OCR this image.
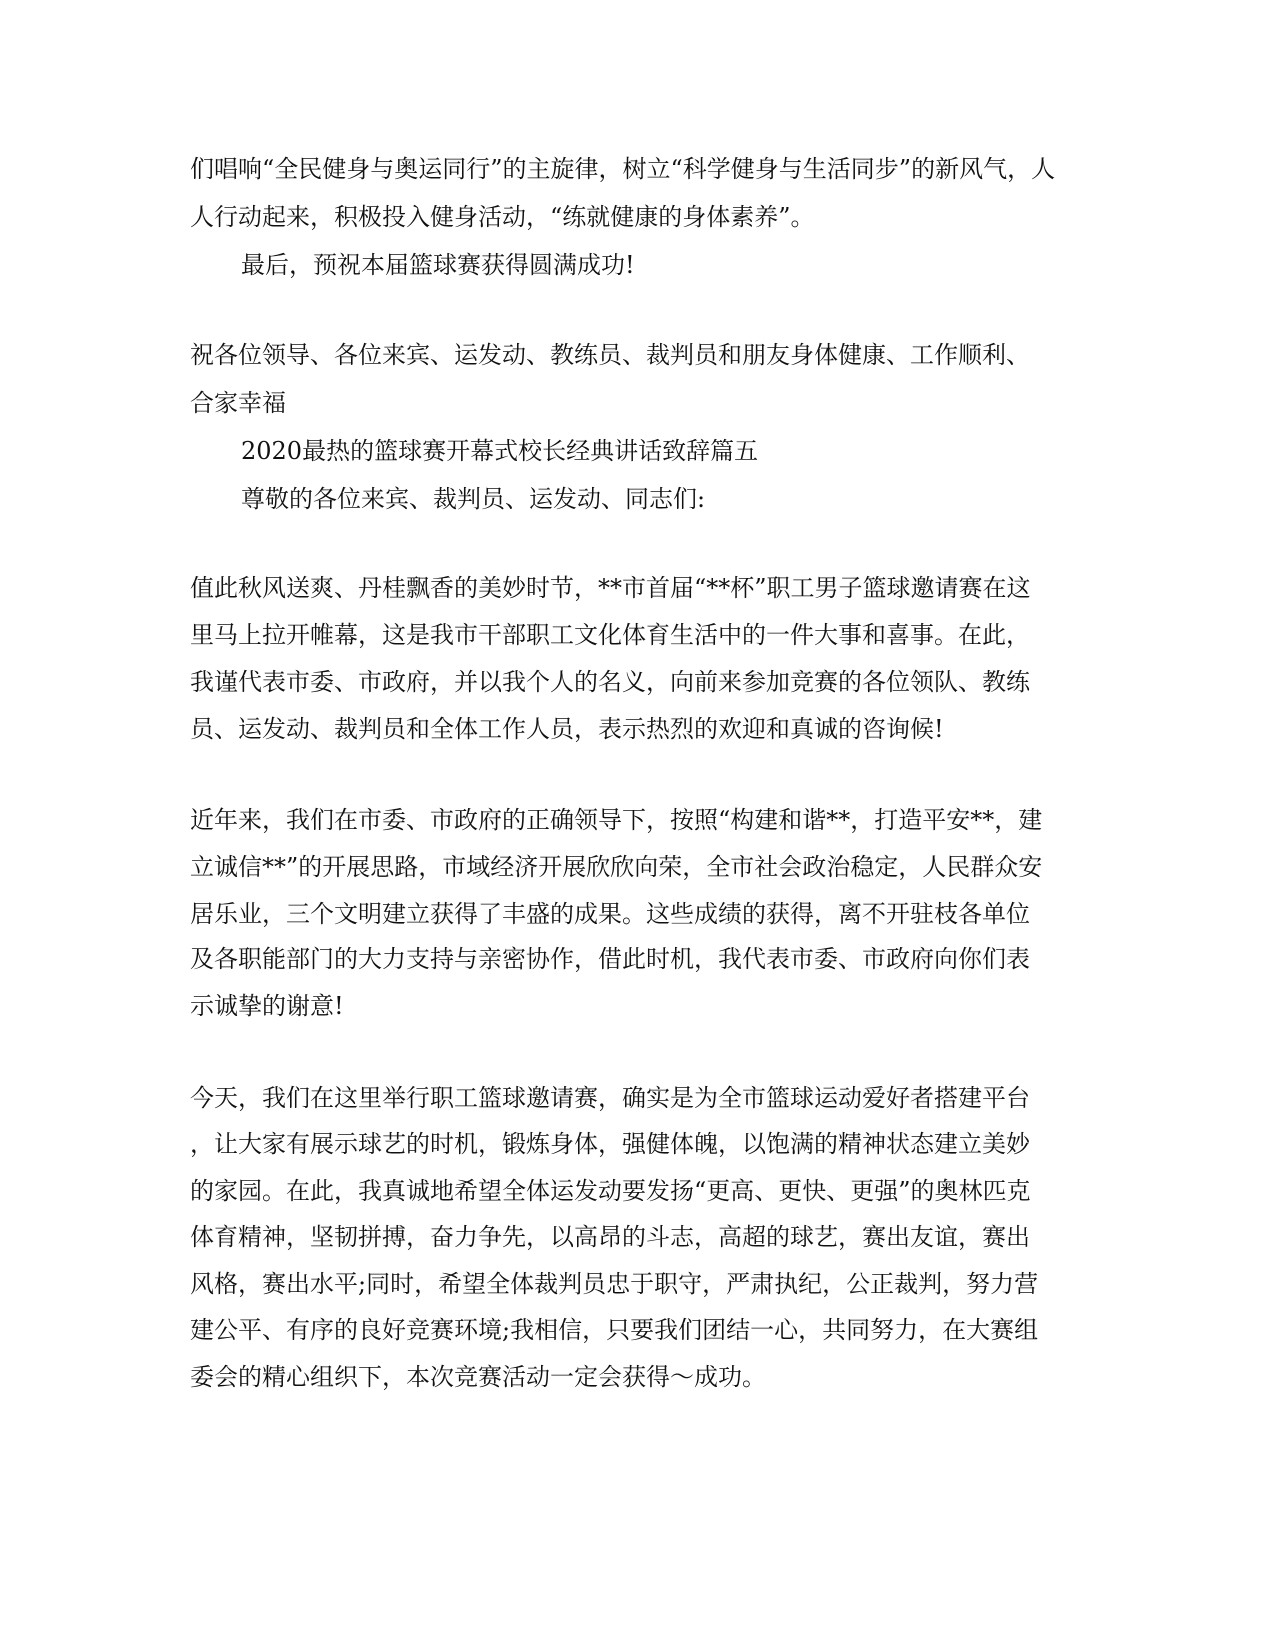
们唱响“全民健身与奥运同行”的主旋律，树立“科学健身与生活同步”的新风气，人
人行动起来，积极投入健身活动，“练就健康的身体素养”。
最后，预祝本届篮球赛获得圆满成功!
祝各位领导、各位来宾、运发动、教练员、裁判员和朋友身体健康、工作顺利、
合家幸福
2020最热的篮球赛开幕式校长经典讲话致辞篇五
尊敬的各位来宾、裁判员、运发动、同志们:
值此秋风送爽、丹桂飘香的美妙时节，**市首届“**杯”职工男子篮球邀请赛在这
里马上拉开帷幕，这是我市干部职工文化体育生活中的一件大事和喜事。在此，
我谨代表市委、市政府，并以我个人的名义，向前来参加竞赛的各位领队、教练
员、运发动、裁判员和全体工作人员，表示热烈的欢迎和真诚的咨询候!
近年来，我们在市委、市政府的正确领导下，按照“构建和谐**，打造平安**，建
立诚信**”的开展思路，市域经济开展欣欣向荣，全市社会政治稳定，人民群众安
居乐业，三个文明建立获得了丰盛的成果。这些成绩的获得，离不开驻枝各单位
及各职能部门的大力支持与亲密协作，借此时机，我代表市委、市政府向你们表
示诚挚的谢意!
今天，我们在这里举行职工篮球邀请赛，确实是为全市篮球运动爱好者搭建平台
，让大家有展示球艺的时机，锻炼身体，强健体魄，以饱满的精神状态建立美妙
的家园。在此，我真诚地希望全体运发动要发扬“更高、更快、更强”的奥林匹克
体育精神，坚韧拼搏，奋力争先，以高昂的斗志，高超的球艺，赛出友谊，赛出
风格，赛出水平;同时，希望全体裁判员忠于职守，严肃执纪，公正裁判，努力营
建公平、有序的良好竞赛环境;我相信，只要我们团结一心，共同努力，在大赛组
委会的精心组织下，本次竞赛活动一定会获得～成功。
